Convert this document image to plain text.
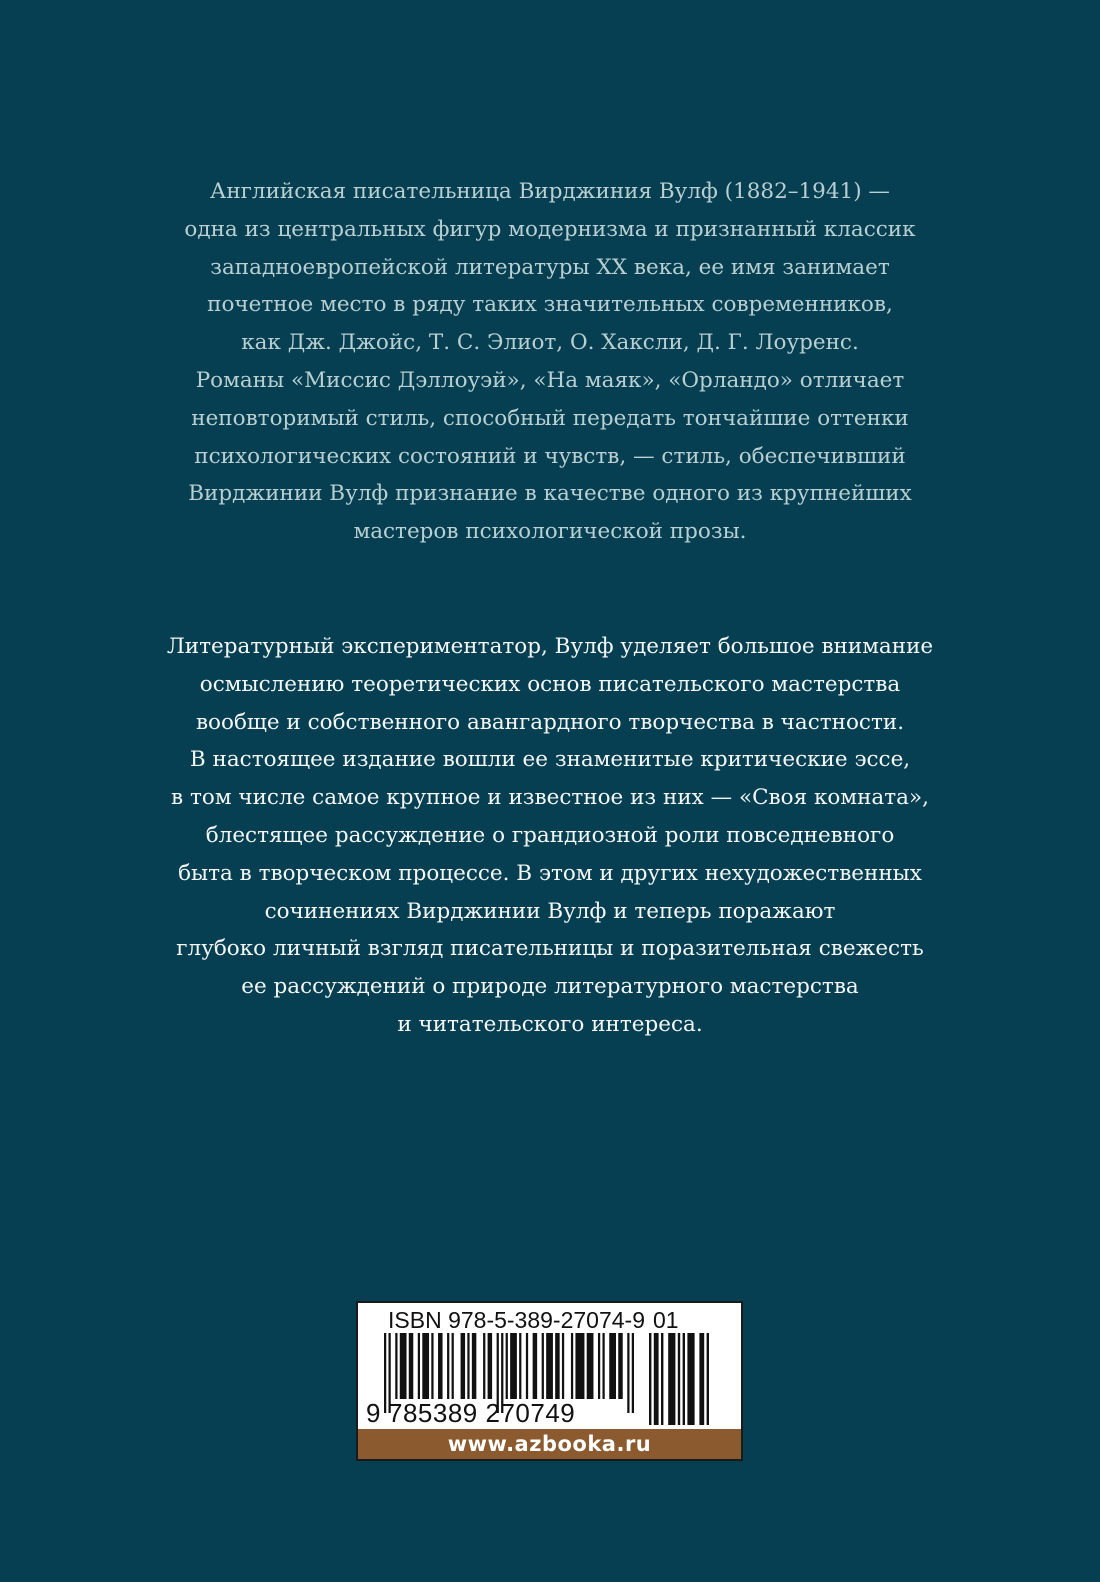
Английская писательница Вирджиния Вулф (1882–1941) —
одна из центральных фигур модернизма и признанный классик
западноевропейской литературы XX века, ее имя занимает
почетное место в ряду таких значительных современников,
как Дж. Джойс, Т. С. Элиот, О. Хаксли, Д. Г. Лоуренс.
Романы «Миссис Дэллоуэй», «На маяк», «Орландо» отличает
неповторимый стиль, способный передать тончайшие оттенки
психологических состояний и чувств, — стиль, обеспечивший
Вирджинии Вулф признание в качестве одного из крупнейших
мастеров психологической прозы.

Литературный экспериментатор, Вулф уделяет большое внимание
осмыслению теоретических основ писательского мастерства
вообще и собственного авангардного творчества в частности.
В настоящее издание вошли ее знаменитые критические эссе,
в том числе самое крупное и известное из них — «Своя комната»,
блестящее рассуждение о грандиозной роли повседневного
быта в творческом процессе. В этом и других нехудожественных
сочинениях Вирджинии Вулф и теперь поражают
глубоко личный взгляд писательницы и поразительная свежесть
ее рассуждений о природе литературного мастерства
и читательского интереса.

ISBN 978-5-389-27074-9 01
9 785389 270749
www.azbooka.ru
